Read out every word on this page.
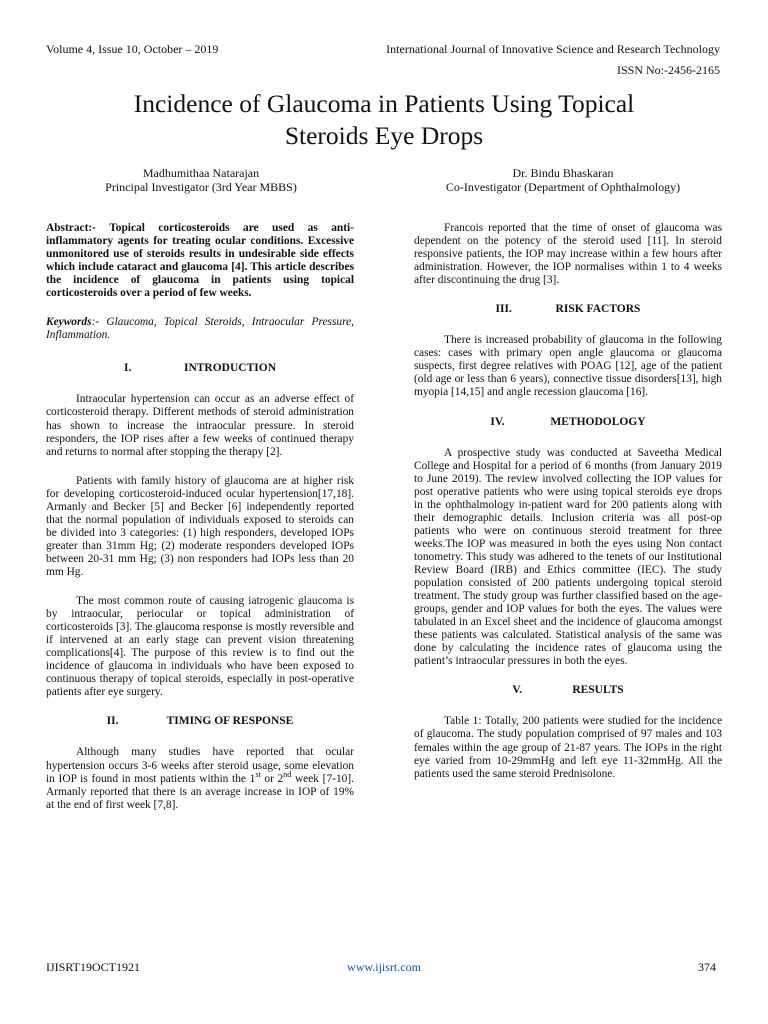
Volume 4, Issue 10, October – 2019	International Journal of Innovative Science and Research Technology
ISSN No:-2456-2165
Incidence of Glaucoma in Patients Using Topical
Steroids Eye Drops
Madhumithaa Natarajan
Principal Investigator (3rd Year MBBS)
Dr. Bindu Bhaskaran
Co-Investigator (Department of Ophthalmology)
Abstract:- Topical corticosteroids are used as anti-inflammatory agents for treating ocular conditions. Excessive unmonitored use of steroids results in undesirable side effects which include cataract and glaucoma [4]. This article describes the incidence of glaucoma in patients using topical corticosteroids over a period of few weeks.
Keywords:- Glaucoma, Topical Steroids, Intraocular Pressure, Inflammation.
I.	INTRODUCTION

Intraocular hypertension can occur as an adverse effect of corticosteroid therapy. Different methods of steroid administration has shown to increase the intraocular pressure. In steroid responders, the IOP rises after a few weeks of continued therapy and returns to normal after stopping the therapy [2].

Patients with family history of glaucoma are at higher risk for developing corticosteroid-induced ocular hypertension[17,18]. Armanly and Becker [5] and Becker [6] independently reported that the normal population of individuals exposed to steroids can be divided into 3 categories: (1) high responders, developed IOPs greater than 31mm Hg; (2) moderate responders developed IOPs between 20-31 mm Hg; (3) non responders had IOPs less than 20 mm Hg.

The most common route of causing iatrogenic glaucoma is by intraocular, periocular or topical administration of corticosteroids [3]. The glaucoma response is mostly reversible and if intervened at an early stage can prevent vision threatening complications[4]. The purpose of this review is to find out the incidence of glaucoma in individuals who have been exposed to continuous therapy of topical steroids, especially in post-operative patients after eye surgery.

II.	TIMING OF RESPONSE

Although many studies have reported that ocular hypertension occurs 3-6 weeks after steroid usage, some elevation in IOP is found in most patients within the 1st or 2nd week [7-10]. Armanly reported that there is an average increase in IOP of 19% at the end of first week [7,8].

Francois reported that the time of onset of glaucoma was dependent on the potency of the steroid used [11]. In steroid responsive patients, the IOP may increase within a few hours after administration. However, the IOP normalises within 1 to 4 weeks after discontinuing the drug [3].

III.	RISK FACTORS

There is increased probability of glaucoma in the following cases: cases with primary open angle glaucoma or glaucoma suspects, first degree relatives with POAG [12], age of the patient (old age or less than 6 years), connective tissue disorders[13], high myopia [14,15] and angle recession glaucoma [16].

IV.	METHODOLOGY

A prospective study was conducted at Saveetha Medical College and Hospital for a period of 6 months (from January 2019 to June 2019). The review involved collecting the IOP values for post operative patients who were using topical steroids eye drops in the ophthalmology in-patient ward for 200 patients along with their demographic details. Inclusion criteria was all post-op patients who were on continuous steroid treatment for three weeks.The IOP was measured in both the eyes using Non contact tonometry. This study was adhered to the tenets of our Institutional Review Board (IRB) and Ethics committee (IEC). The study population consisted of 200 patients undergoing topical steroid treatment. The study group was further classified based on the age-groups, gender and IOP values for both the eyes. The values were tabulated in an Excel sheet and the incidence of glaucoma amongst these patients was calculated. Statistical analysis of the same was done by calculating the incidence rates of glaucoma using the patient’s intraocular pressures in both the eyes.

V.	RESULTS

Table 1: Totally, 200 patients were studied for the incidence of glaucoma. The study population comprised of 97 males and 103 females within the age group of 21-87 years. The IOPs in the right eye varied from 10-29mmHg and left eye 11-32mmHg. All the patients used the same steroid Prednisolone.

IJISRT19OCT1921	www.ijisrt.com	374
